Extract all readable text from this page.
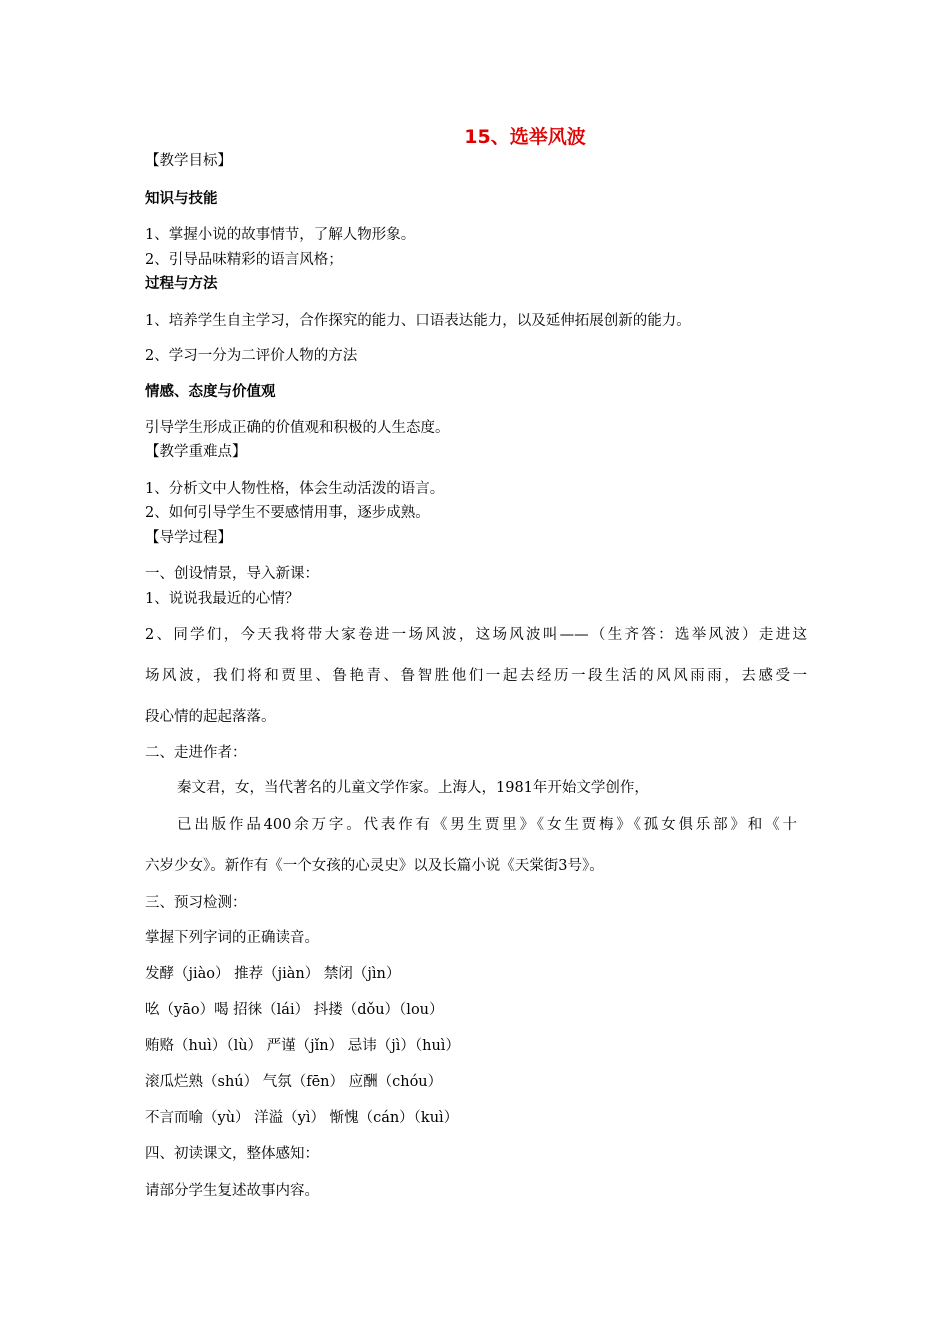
15、选举风波
【教学目标】
知识与技能
1、掌握小说的故事情节，了解人物形象。
2、引导品味精彩的语言风格；
过程与方法
1、培养学生自主学习，合作探究的能力、口语表达能力，以及延伸拓展创新的能力。
2、学习一分为二评价人物的方法
情感、态度与价值观
引导学生形成正确的价值观和积极的人生态度。
【教学重难点】
1、分析文中人物性格，体会生动活泼的语言。
2、如何引导学生不要感情用事，逐步成熟。
【导学过程】
一、创设情景，导入新课：
1、说说我最近的心情？
2、同学们，今天我将带大家卷进一场风波，这场风波叫——（生齐答：选举风波）走进这
场风波，我们将和贾里、鲁艳青、鲁智胜他们一起去经历一段生活的风风雨雨，去感受一
段心情的起起落落。
二、走进作者：
秦文君，女，当代著名的儿童文学作家。上海人，1981年开始文学创作，
已出版作品400余万字。代表作有《男生贾里》《女生贾梅》《孤女俱乐部》和《十
六岁少女》。新作有《一个女孩的心灵史》以及长篇小说《天棠街3号》。
三、预习检测：
掌握下列字词的正确读音。
发酵（jiào） 推荐（jiàn） 禁闭（jìn）
吆（yāo）喝 招徕（lái） 抖搂（dǒu）（lou）
贿赂（huì）（lù） 严谨（jǐn） 忌讳（jì）（huì）
滚瓜烂熟（shú） 气氛（fēn） 应酬（chóu）
不言而喻（yù） 洋溢（yì） 惭愧（cán）（kuì）
四、初读课文，整体感知：
请部分学生复述故事内容。
